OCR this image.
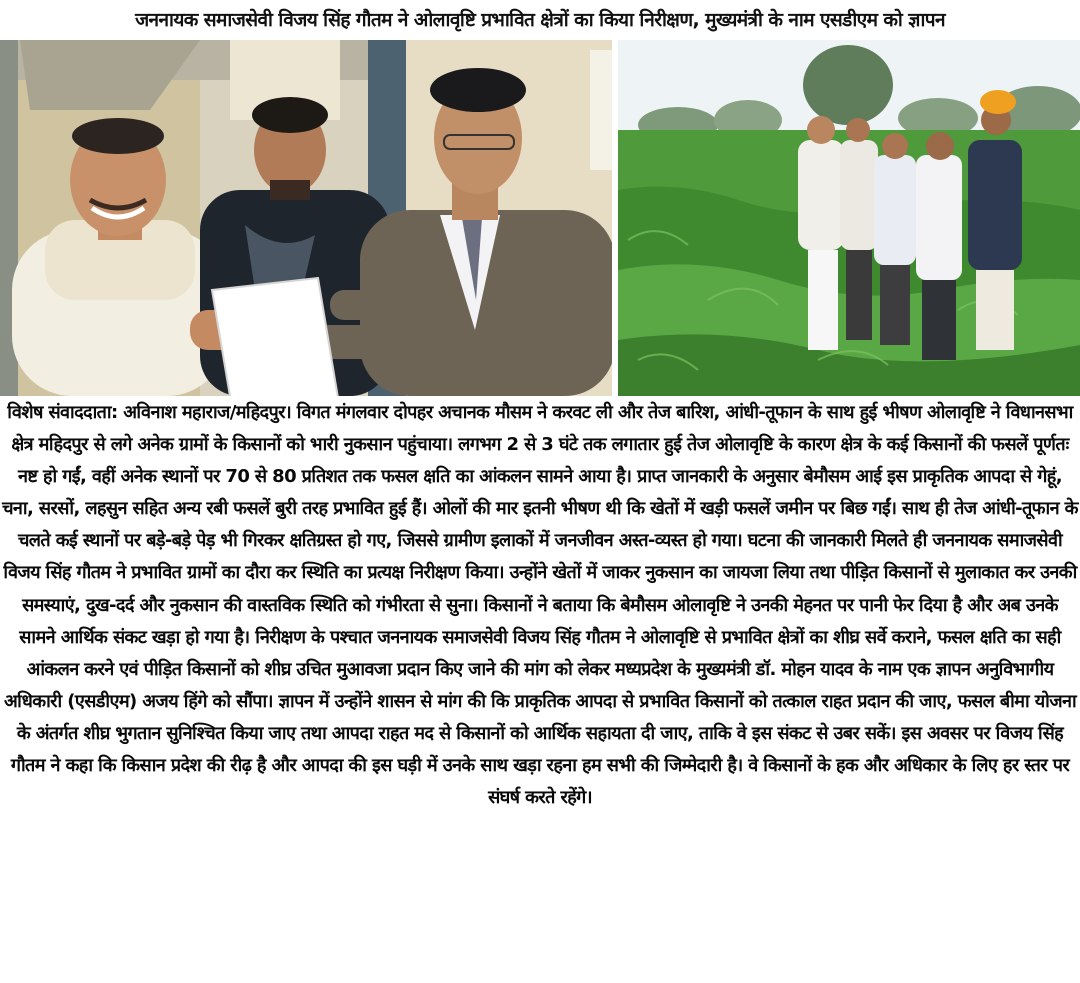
जननायक समाजसेवी विजय सिंह गौतम ने ओलावृष्टि प्रभावित क्षेत्रों का किया निरीक्षण, मुख्यमंत्री के नाम एसडीएम को ज्ञापन

विशेष संवाददाता: अविनाश महाराज/महिदपुर। विगत मंगलवार दोपहर अचानक मौसम ने करवट ली और तेज बारिश, आंधी-तूफान के साथ हुई भीषण ओलावृष्टि ने विधानसभा क्षेत्र महिदपुर से लगे अनेक ग्रामों के किसानों को भारी नुकसान पहुंचाया। लगभग 2 से 3 घंटे तक लगातार हुई तेज ओलावृष्टि के कारण क्षेत्र के कई किसानों की फसलें पूर्णतः नष्ट हो गईं, वहीं अनेक स्थानों पर 70 से 80 प्रतिशत तक फसल क्षति का आंकलन सामने आया है। प्राप्त जानकारी के अनुसार बेमौसम आई इस प्राकृतिक आपदा से गेहूं, चना, सरसों, लहसुन सहित अन्य रबी फसलें बुरी तरह प्रभावित हुई हैं। ओलों की मार इतनी भीषण थी कि खेतों में खड़ी फसलें जमीन पर बिछ गईं। साथ ही तेज आंधी-तूफान के चलते कई स्थानों पर बड़े-बड़े पेड़ भी गिरकर क्षतिग्रस्त हो गए, जिससे ग्रामीण इलाकों में जनजीवन अस्त-व्यस्त हो गया। घटना की जानकारी मिलते ही जननायक समाजसेवी विजय सिंह गौतम ने प्रभावित ग्रामों का दौरा कर स्थिति का प्रत्यक्ष निरीक्षण किया। उन्होंने खेतों में जाकर नुकसान का जायजा लिया तथा पीड़ित किसानों से मुलाकात कर उनकी समस्याएं, दुख-दर्द और नुकसान की वास्तविक स्थिति को गंभीरता से सुना। किसानों ने बताया कि बेमौसम ओलावृष्टि ने उनकी मेहनत पर पानी फेर दिया है और अब उनके सामने आर्थिक संकट खड़ा हो गया है। निरीक्षण के पश्चात जननायक समाजसेवी विजय सिंह गौतम ने ओलावृष्टि से प्रभावित क्षेत्रों का शीघ्र सर्वे कराने, फसल क्षति का सही आंकलन करने एवं पीड़ित किसानों को शीघ्र उचित मुआवजा प्रदान किए जाने की मांग को लेकर मध्यप्रदेश के मुख्यमंत्री डॉ. मोहन यादव के नाम एक ज्ञापन अनुविभागीय अधिकारी (एसडीएम) अजय हिंगे को सौंपा। ज्ञापन में उन्होंने शासन से मांग की कि प्राकृतिक आपदा से प्रभावित किसानों को तत्काल राहत प्रदान की जाए, फसल बीमा योजना के अंतर्गत शीघ्र भुगतान सुनिश्चित किया जाए तथा आपदा राहत मद से किसानों को आर्थिक सहायता दी जाए, ताकि वे इस संकट से उबर सकें। इस अवसर पर विजय सिंह गौतम ने कहा कि किसान प्रदेश की रीढ़ है और आपदा की इस घड़ी में उनके साथ खड़ा रहना हम सभी की जिम्मेदारी है। वे किसानों के हक और अधिकार के लिए हर स्तर पर संघर्ष करते रहेंगे।
